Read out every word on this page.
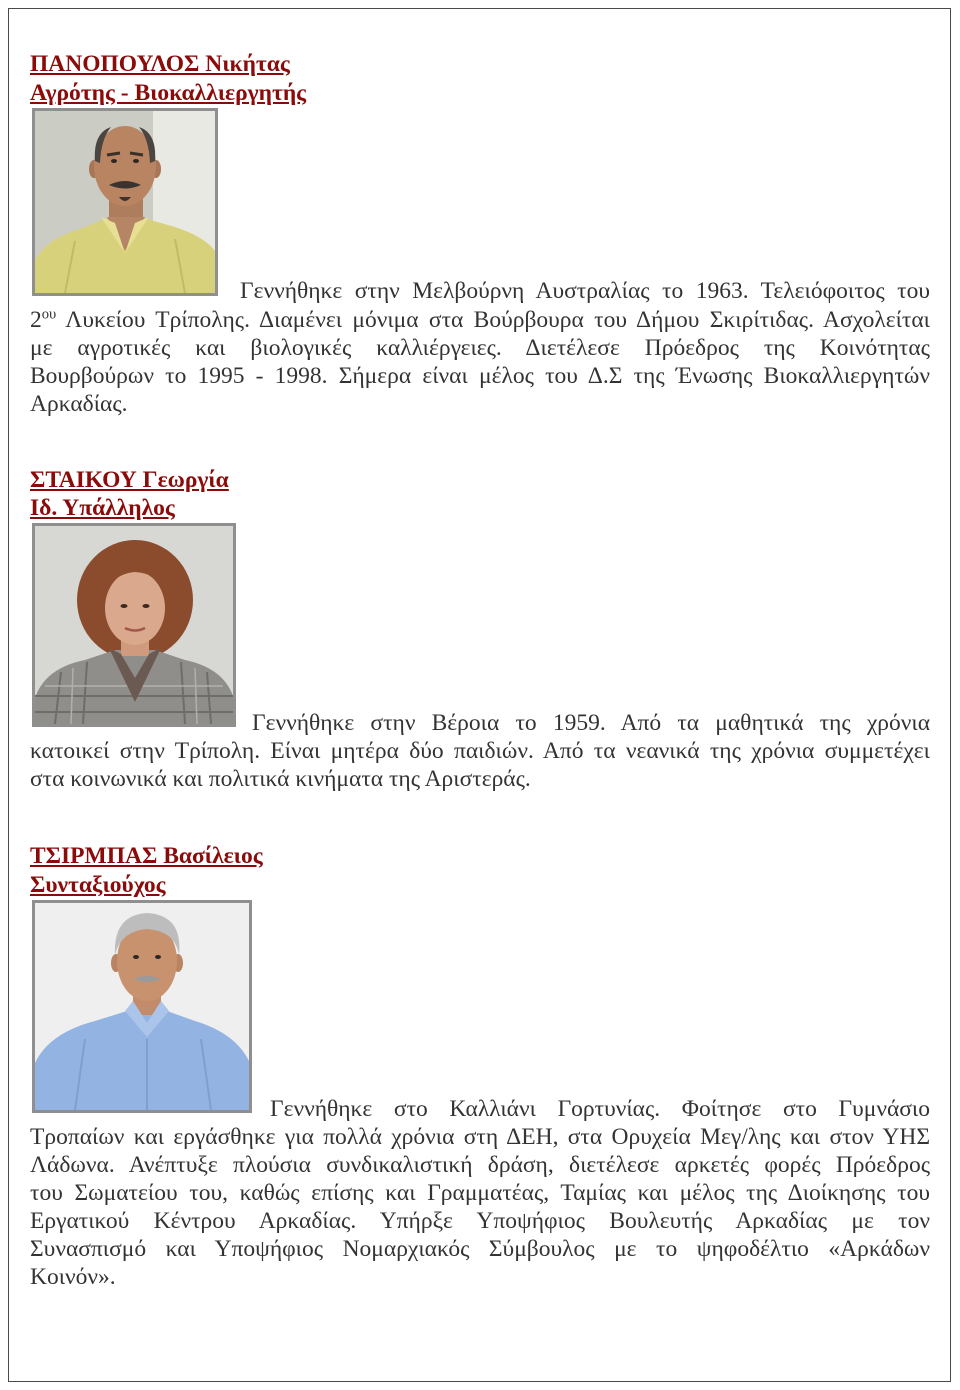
ΠΑΝΟΠΟΥΛΟΣ Νικήτας
Αγρότης - Βιοκαλλιεργητής
Γεννήθηκε στην Μελβούρνη Αυστραλίας το 1963. Τελειόφοιτος του
$2^{o\upsilon}$ Λυκείου Τρίπολης. Διαμένει μόνιμα στα Βούρβουρα του Δήμου Σκιρίτιδας. Ασχολείται
με αγροτικές και βιολογικές καλλιέργειες. Διετέλεσε Πρόεδρος της Κοινότητας
Βουρβούρων το 1995 - 1998. Σήμερα είναι μέλος του Δ.Σ της Ένωσης Βιοκαλλιεργητών
Αρκαδίας.
ΣΤΑΙΚΟΥ Γεωργία
Ιδ. Υπάλληλος
Γεννήθηκε στην Βέροια το 1959. Από τα μαθητικά της χρόνια
κατοικεί στην Τρίπολη. Είναι μητέρα δύο παιδιών. Από τα νεανικά της χρόνια συμμετέχει
στα κοινωνικά και πολιτικά κινήματα της Αριστεράς.
ΤΣΙΡΜΠΑΣ Βασίλειος
Συνταξιούχος
Γεννήθηκε στο Καλλιάνι Γορτυνίας. Φοίτησε στο Γυμνάσιο
Τροπαίων και εργάσθηκε για πολλά χρόνια στη ΔΕΗ, στα Ορυχεία Μεγ/λης και στον ΥΗΣ
Λάδωνα. Ανέπτυξε πλούσια συνδικαλιστική δράση, διετέλεσε αρκετές φορές Πρόεδρος
του Σωματείου του, καθώς επίσης και Γραμματέας, Ταμίας και μέλος της Διοίκησης του
Εργατικού Κέντρου Αρκαδίας. Υπήρξε Υποψήφιος Βουλευτής Αρκαδίας με τον
Συνασπισμό και Υποψήφιος Νομαρχιακός Σύμβουλος με το ψηφοδέλτιο «Αρκάδων
Κοινόν».
